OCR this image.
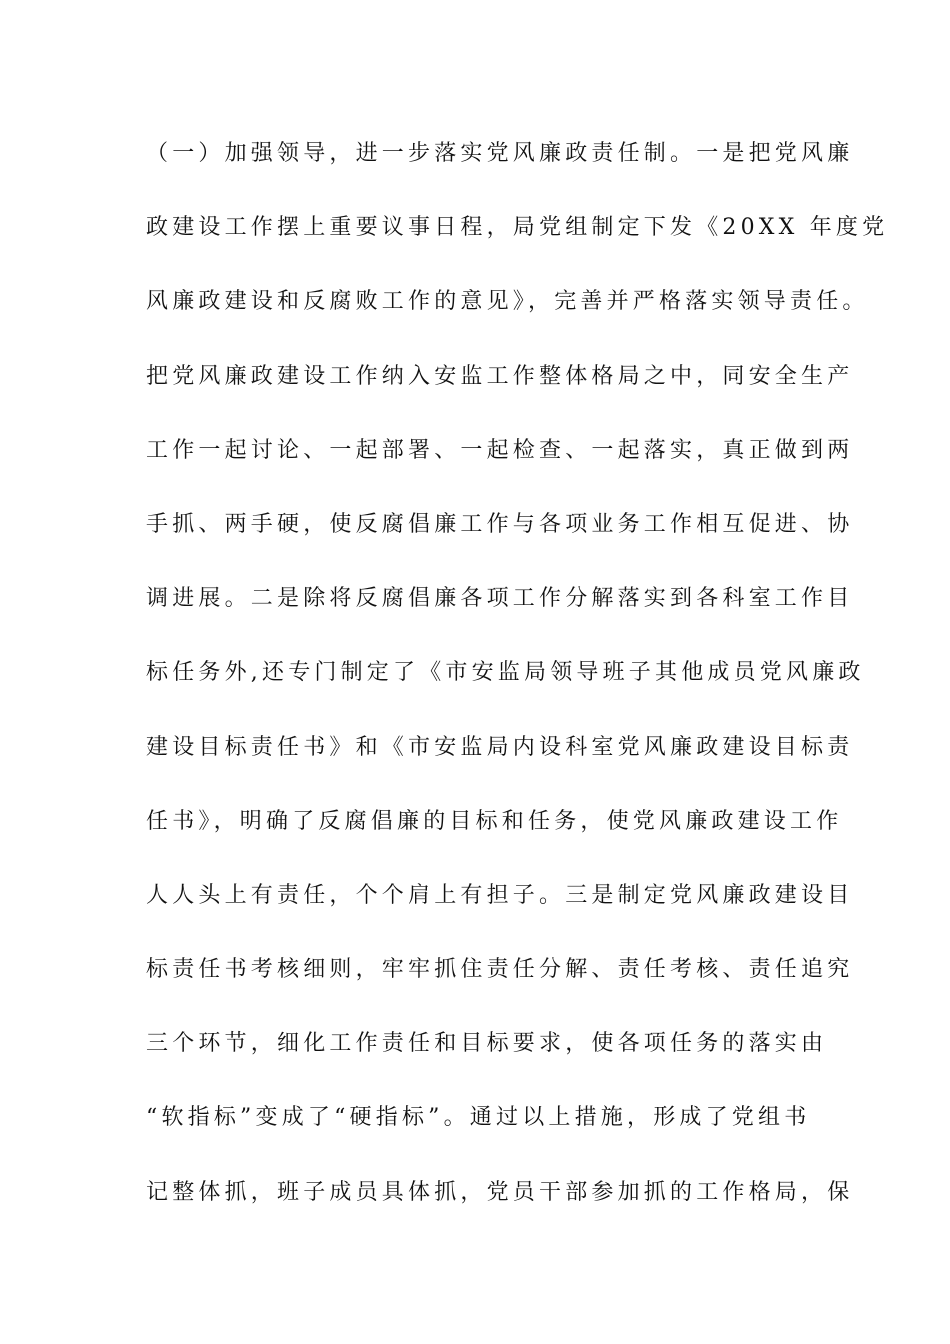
（一）加强领导，进一步落实党风廉政责任制。一是把党风廉
政建设工作摆上重要议事日程，局党组制定下发《20XX 年度党
风廉政建设和反腐败工作的意见》，完善并严格落实领导责任。
把党风廉政建设工作纳入安监工作整体格局之中，同安全生产
工作一起讨论、一起部署、一起检查、一起落实，真正做到两
手抓、两手硬，使反腐倡廉工作与各项业务工作相互促进、协
调进展。二是除将反腐倡廉各项工作分解落实到各科室工作目
标任务外,还专门制定了《市安监局领导班子其他成员党风廉政
建设目标责任书》和《市安监局内设科室党风廉政建设目标责
任书》，明确了反腐倡廉的目标和任务，使党风廉政建设工作
人人头上有责任，个个肩上有担子。三是制定党风廉政建设目
标责任书考核细则，牢牢抓住责任分解、责任考核、责任追究
三个环节，细化工作责任和目标要求，使各项任务的落实由
“软指标”变成了“硬指标”。通过以上措施，形成了党组书
记整体抓，班子成员具体抓，党员干部参加抓的工作格局，保
